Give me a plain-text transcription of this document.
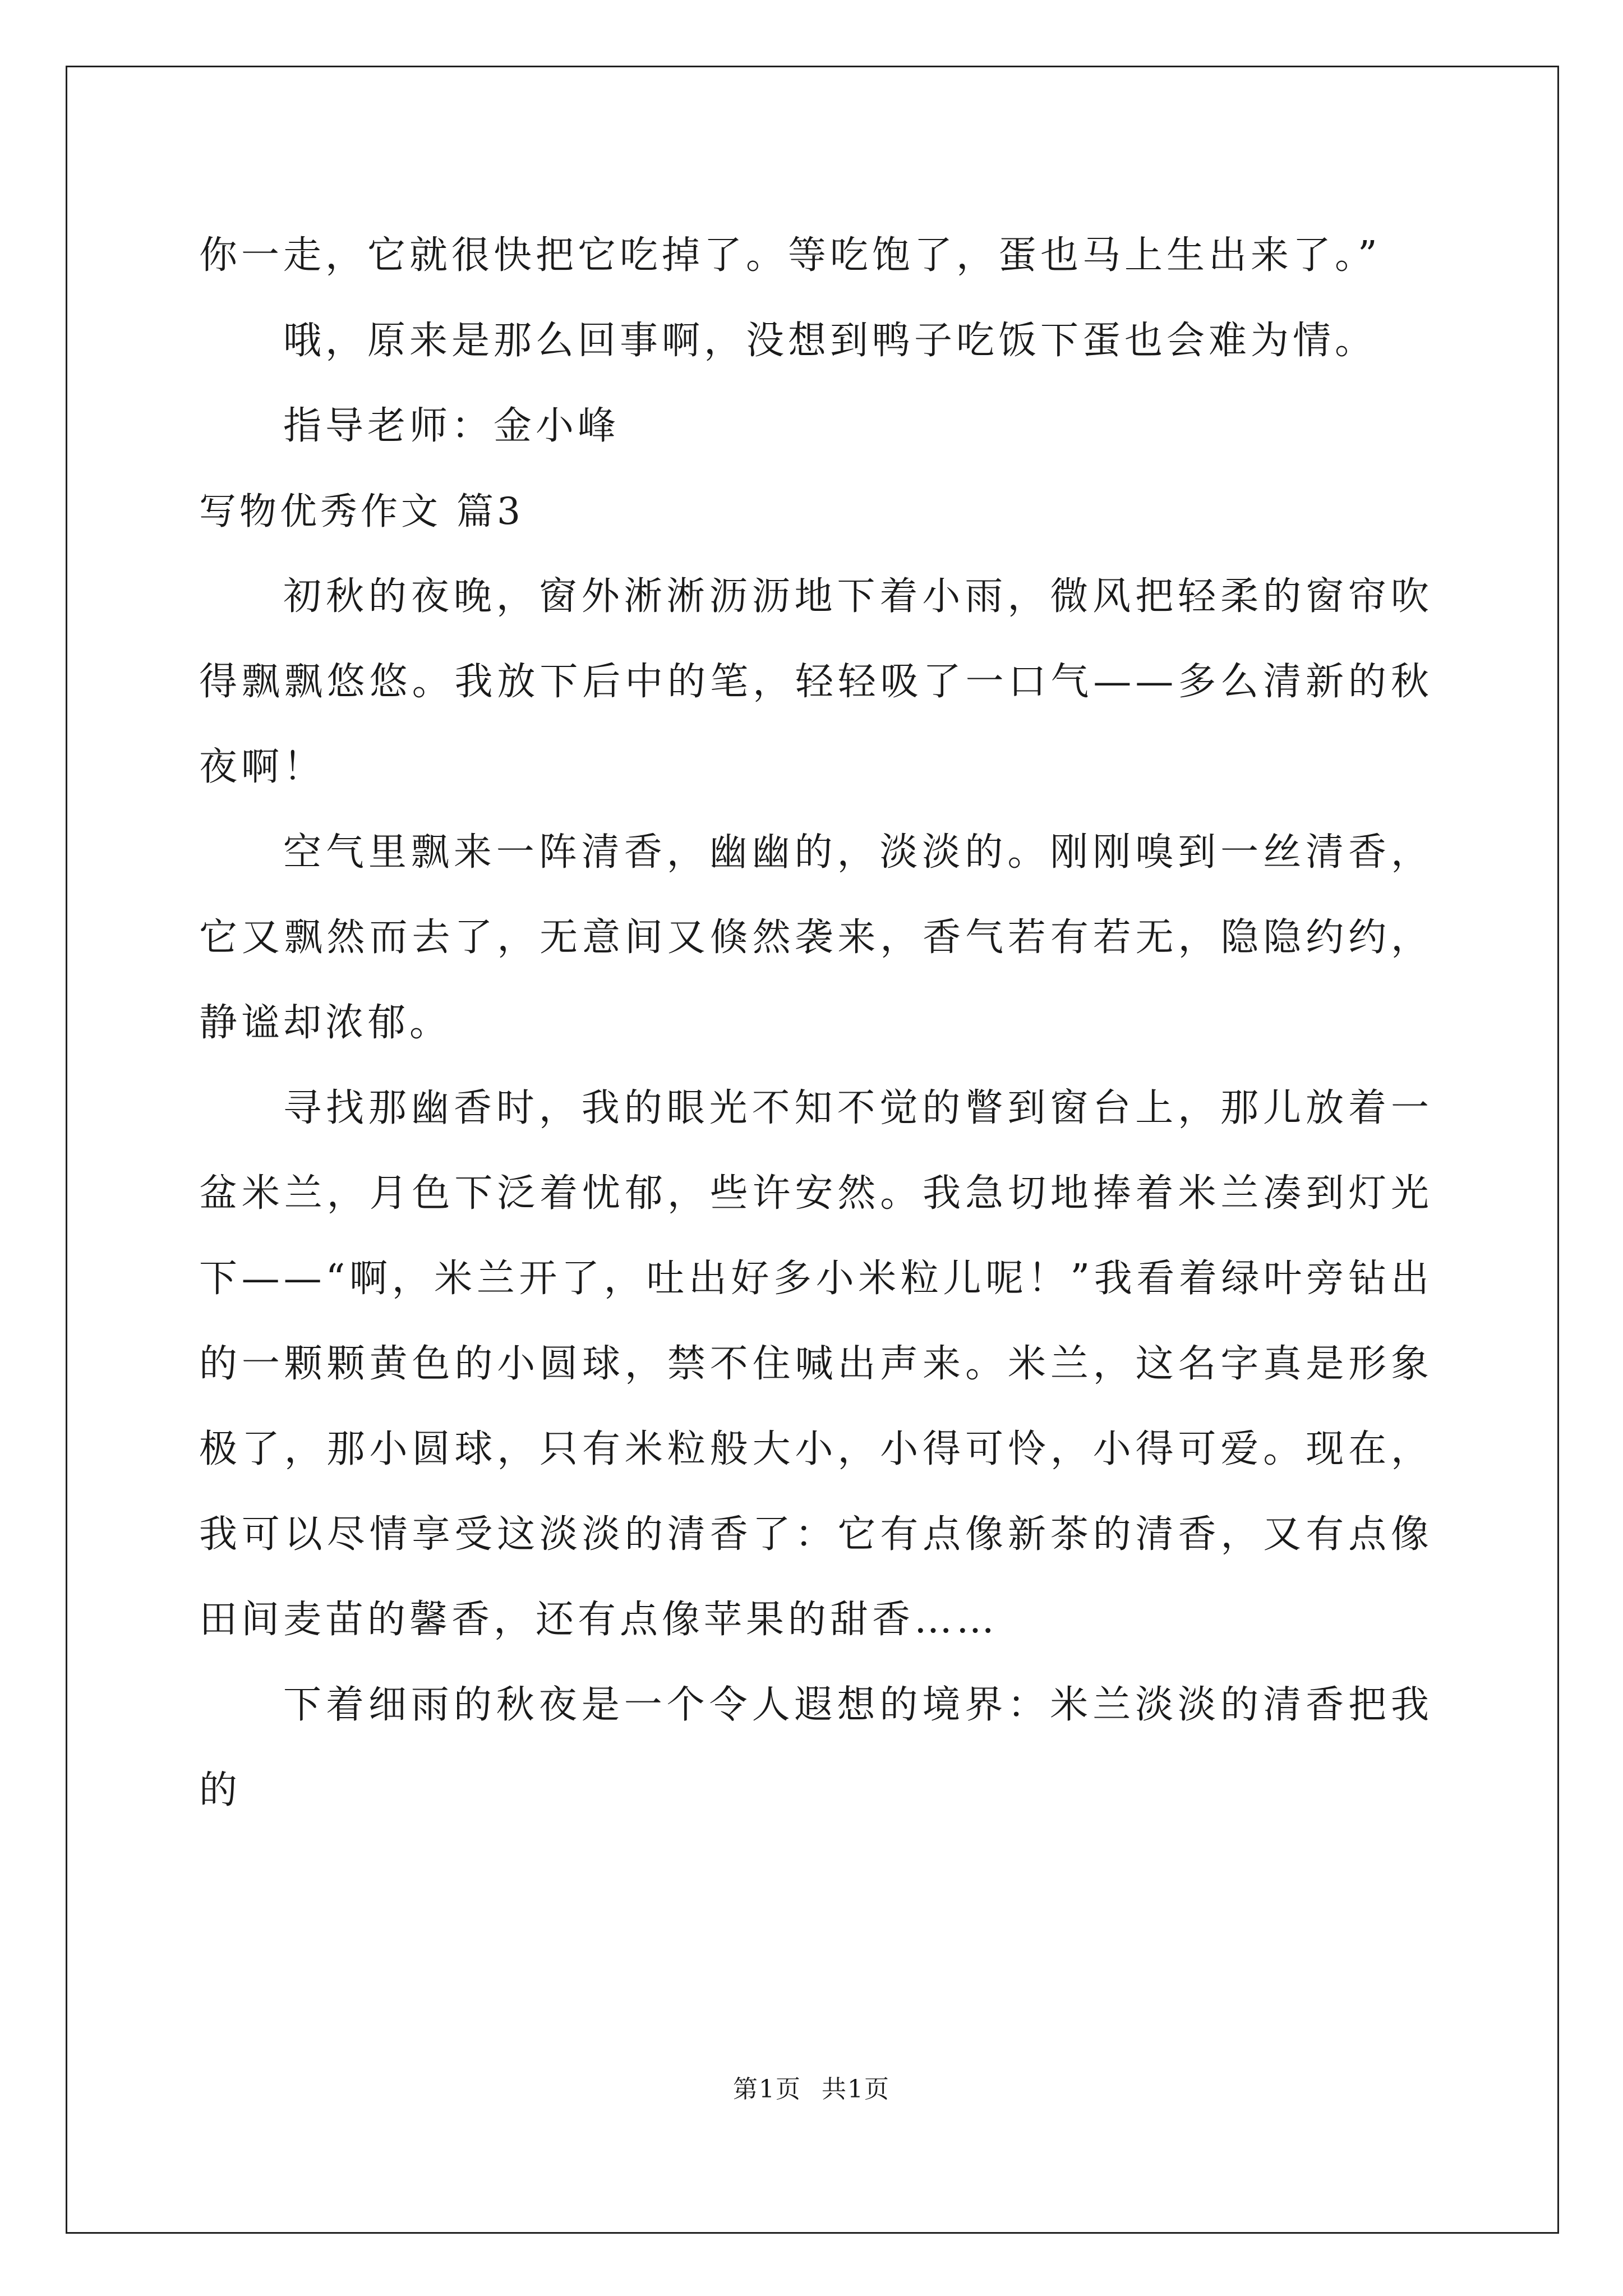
你一走，它就很快把它吃掉了。等吃饱了，蛋也马上生出来了。”

哦，原来是那么回事啊，没想到鸭子吃饭下蛋也会难为情。

指导老师：金小峰

写物优秀作文 篇3

初秋的夜晚，窗外淅淅沥沥地下着小雨，微风把轻柔的窗帘吹得飘飘悠悠。我放下后中的笔，轻轻吸了一口气——多么清新的秋夜啊！

空气里飘来一阵清香，幽幽的，淡淡的。刚刚嗅到一丝清香，它又飘然而去了，无意间又倏然袭来，香气若有若无，隐隐约约，静谧却浓郁。

寻找那幽香时，我的眼光不知不觉的瞥到窗台上，那儿放着一盆米兰，月色下泛着忧郁，些许安然。我急切地捧着米兰凑到灯光下——“啊，米兰开了，吐出好多小米粒儿呢！”我看着绿叶旁钻出的一颗颗黄色的小圆球，禁不住喊出声来。米兰，这名字真是形象极了，那小圆球，只有米粒般大小，小得可怜，小得可爱。现在，我可以尽情享受这淡淡的清香了：它有点像新茶的清香，又有点像田间麦苗的馨香，还有点像苹果的甜香……

下着细雨的秋夜是一个令人遐想的境界：米兰淡淡的清香把我的

第1页 共1页
